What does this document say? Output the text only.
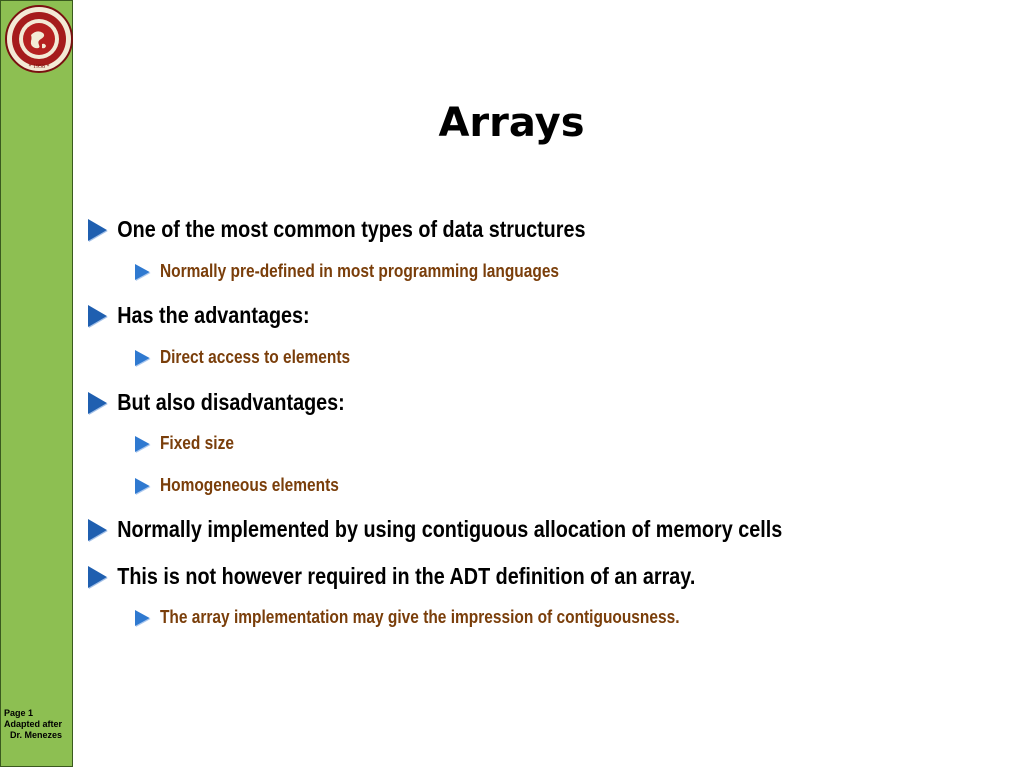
* 1958 *
Page 1
Adapted after
Dr. Menezes
Arrays
One of the most common types of data structures
Normally pre-defined in most programming languages
Has the advantages:
Direct access to elements
But also disadvantages:
Fixed size
Homogeneous elements
Normally implemented by using contiguous allocation of memory cells
This is not however required in the ADT definition of an array.
The array implementation may give the impression of contiguousness.
